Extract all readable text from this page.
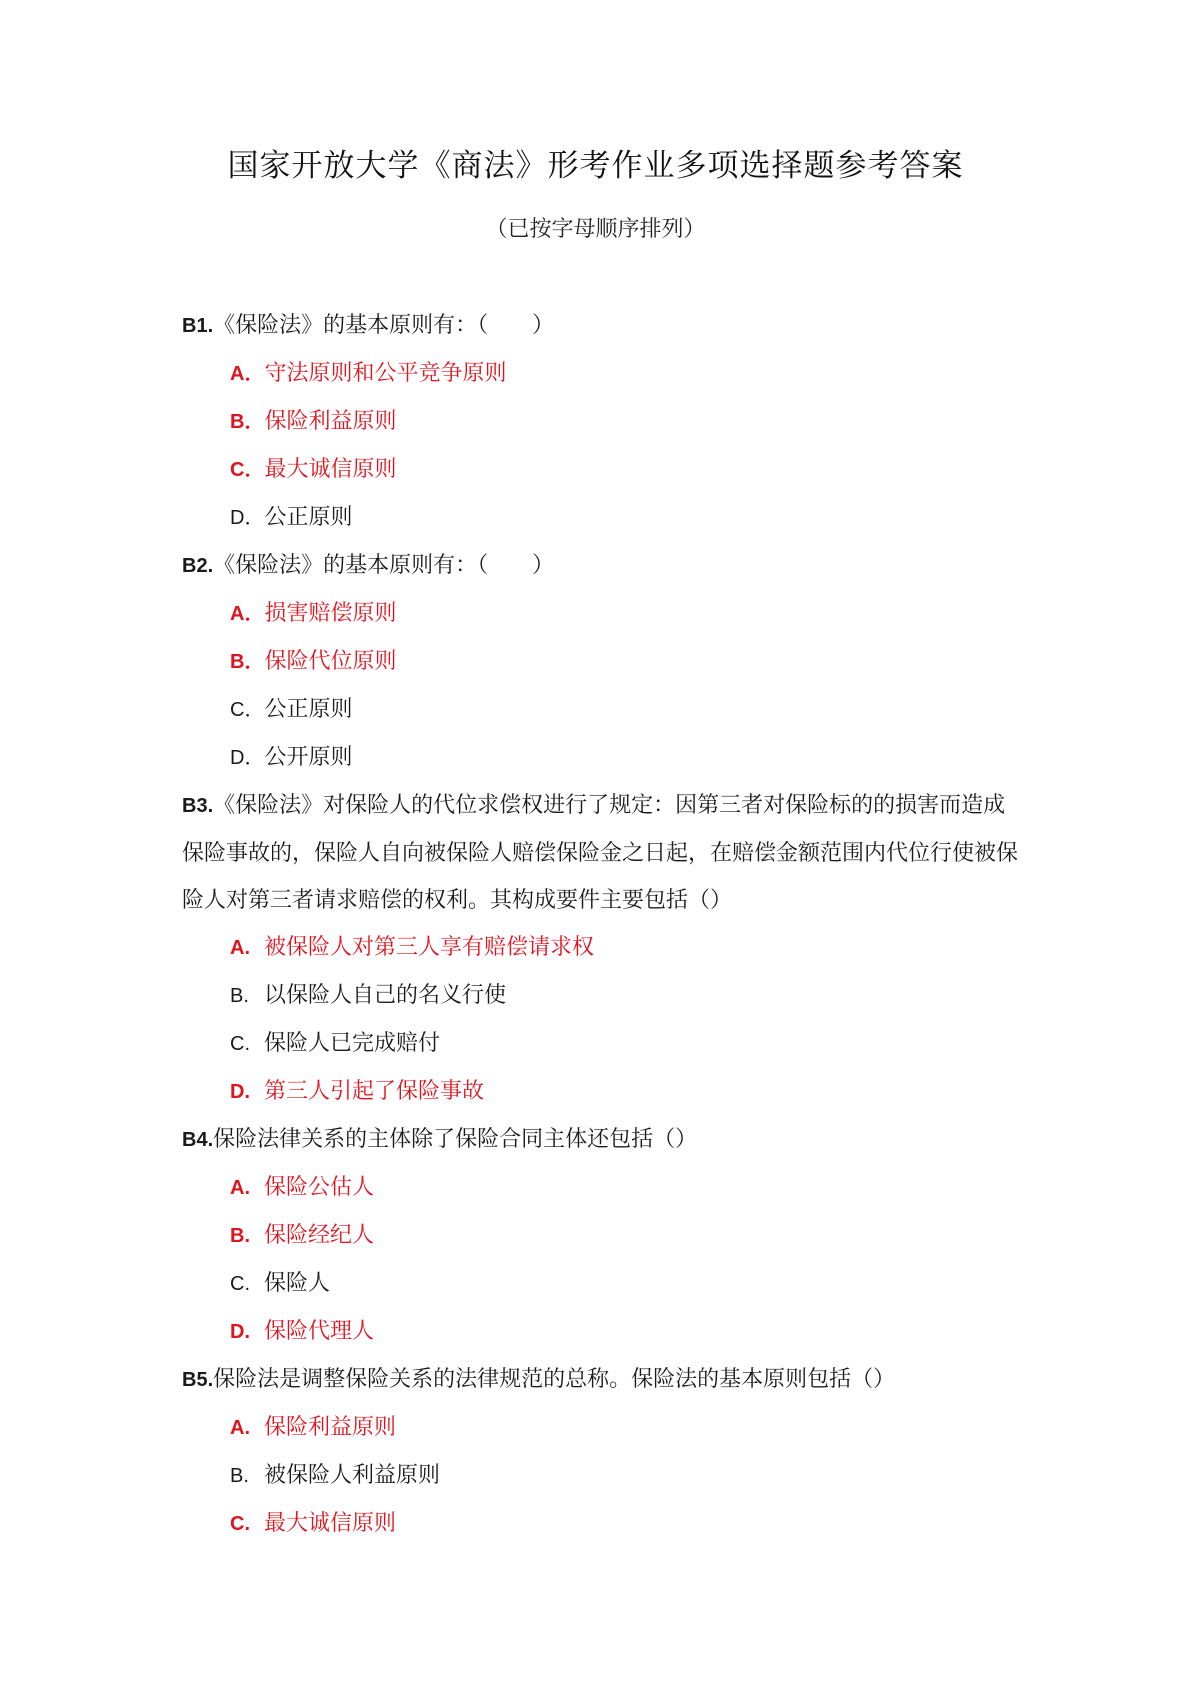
国家开放大学《商法》形考作业多项选择题参考答案
（已按字母顺序排列）
B1.《保险法》的基本原则有：（　　）
A．守法原则和公平竞争原则
B．保险利益原则
C．最大诚信原则
D．公正原则
B2.《保险法》的基本原则有：（　　）
A．损害赔偿原则
B．保险代位原则
C．公正原则
D．公开原则
B3.《保险法》对保险人的代位求偿权进行了规定：因第三者对保险标的的损害而造成保险事故的，保险人自向被保险人赔偿保险金之日起，在赔偿金额范围内代位行使被保险人对第三者请求赔偿的权利。其构成要件主要包括（）
A. 被保险人对第三人享有赔偿请求权
B. 以保险人自己的名义行使
C. 保险人已完成赔付
D. 第三人引起了保险事故
B4.保险法律关系的主体除了保险合同主体还包括（）
A. 保险公估人
B. 保险经纪人
C. 保险人
D. 保险代理人
B5.保险法是调整保险关系的法律规范的总称。保险法的基本原则包括（）
A. 保险利益原则
B. 被保险人利益原则
C. 最大诚信原则
